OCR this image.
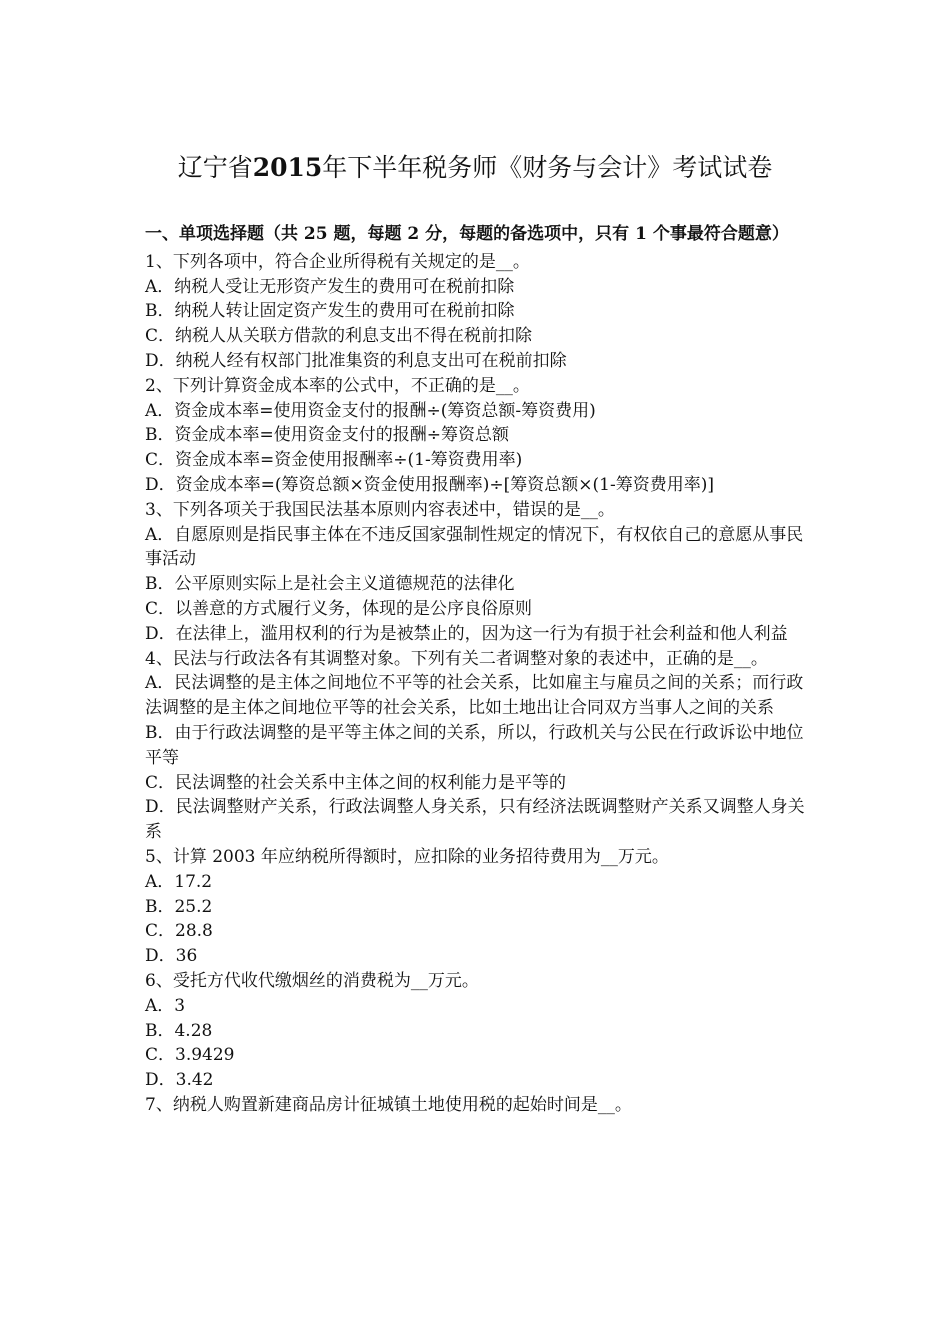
辽宁省2015年下半年税务师《财务与会计》考试试卷
一、单项选择题（共 25 题，每题 2 分，每题的备选项中，只有 1 个事最符合题意）
1、下列各项中，符合企业所得税有关规定的是__。
A．纳税人受让无形资产发生的费用可在税前扣除
B．纳税人转让固定资产发生的费用可在税前扣除
C．纳税人从关联方借款的利息支出不得在税前扣除
D．纳税人经有权部门批准集资的利息支出可在税前扣除
2、下列计算资金成本率的公式中，不正确的是__。
A．资金成本率=使用资金支付的报酬÷(筹资总额-筹资费用)
B．资金成本率=使用资金支付的报酬÷筹资总额
C．资金成本率=资金使用报酬率÷(1-筹资费用率)
D．资金成本率=(筹资总额×资金使用报酬率)÷[筹资总额×(1-筹资费用率)]
3、下列各项关于我国民法基本原则内容表述中，错误的是__。
A．自愿原则是指民事主体在不违反国家强制性规定的情况下，有权依自己的意愿从事民事活动
B．公平原则实际上是社会主义道德规范的法律化
C．以善意的方式履行义务，体现的是公序良俗原则
D．在法律上，滥用权利的行为是被禁止的，因为这一行为有损于社会利益和他人利益
4、民法与行政法各有其调整对象。下列有关二者调整对象的表述中，正确的是__。
A．民法调整的是主体之间地位不平等的社会关系，比如雇主与雇员之间的关系；而行政法调整的是主体之间地位平等的社会关系，比如土地出让合同双方当事人之间的关系
B．由于行政法调整的是平等主体之间的关系，所以，行政机关与公民在行政诉讼中地位平等
C．民法调整的社会关系中主体之间的权利能力是平等的
D．民法调整财产关系，行政法调整人身关系，只有经济法既调整财产关系又调整人身关系
5、计算 2003 年应纳税所得额时，应扣除的业务招待费用为__万元。
A．17.2
B．25.2
C．28.8
D．36
6、受托方代收代缴烟丝的消费税为__万元。
A．3
B．4.28
C．3.9429
D．3.42
7、纳税人购置新建商品房计征城镇土地使用税的起始时间是__。
